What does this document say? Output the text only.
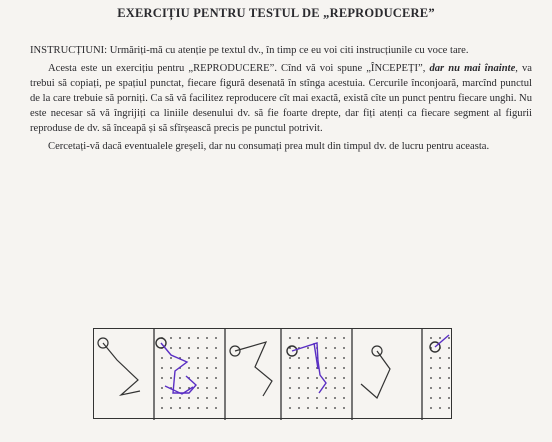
EXERCIȚIU PENTRU TESTUL DE „REPRODUCERE”

INSTRUCȚIUNI: Urmăriți-mă cu atenție pe textul dv., în timp ce eu voi citi instrucțiunile cu voce tare.

Acesta este un exercițiu pentru „REPRODUCERE”. Cînd vă voi spune „ÎNCEPEȚI”, dar nu mai înainte, va trebui să copiați, pe spațiul punctat, fiecare figură desenată în stînga acestuia. Cercurile înconjoară, marcînd punctul de la care trebuie să porniți. Ca să vă facilitez reproducere cît mai exactă, există cîte un punct pentru fiecare unghi. Nu este necesar să vă îngrijiți ca liniile desenului dv. să fie foarte drepte, dar fiți atenți ca fiecare segment al figurii reproduse de dv. să înceapă și să sfîrșească precis pe punctul potrivit.

Cercetați-vă dacă eventualele greșeli, dar nu consumați prea mult din timpul dv. de lucru pentru aceasta.
